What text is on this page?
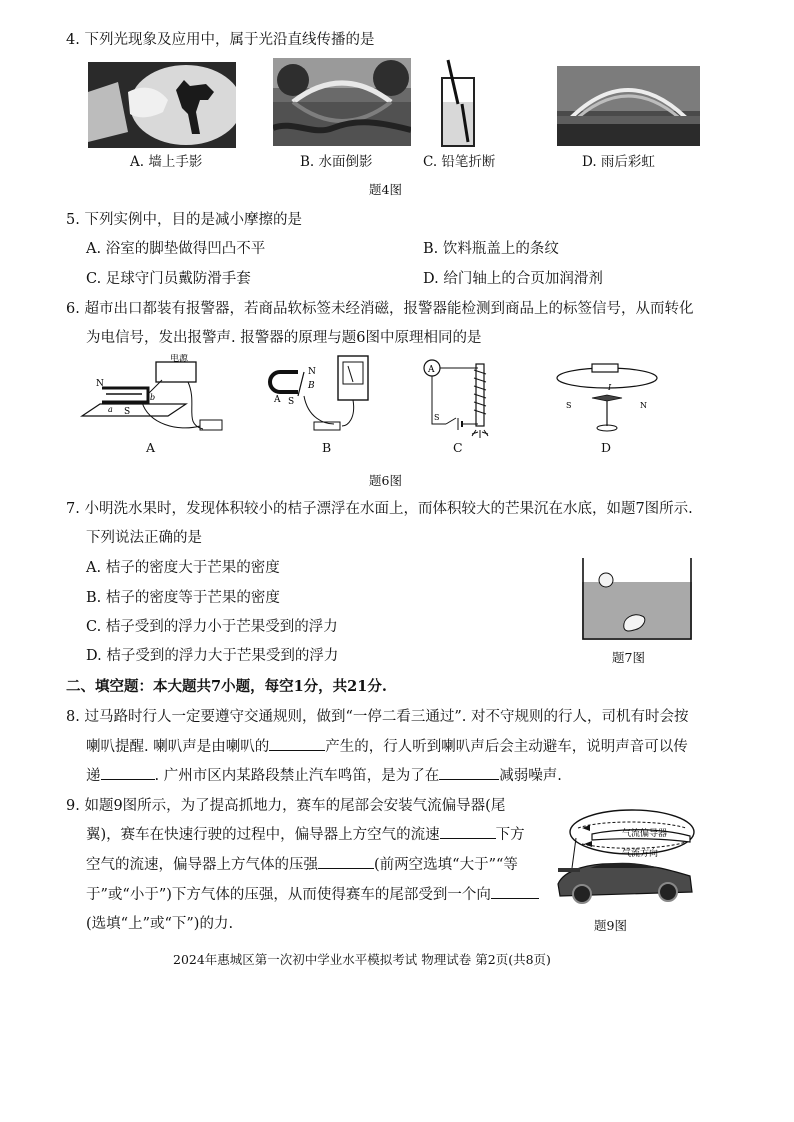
4. 下列光现象及应用中，属于光沿直线传播的是
A. 墙上手影	B. 水面倒影	C. 铅笔折断	D. 雨后彩虹
题4图
5. 下列实例中，目的是减小摩擦的是
A. 浴室的脚垫做得凹凸不平	B. 饮料瓶盖上的条纹
C. 足球守门员戴防滑手套	D. 给门轴上的合页加润滑剂
6. 超市出口都装有报警器，若商品软标签未经消磁，报警器能检测到商品上的标签信号，从而转化
为电信号，发出报警声. 报警器的原理与题6图中原理相同的是
电源
N
S
a
b
A
N
B
A S
B
A
S
C
I
S	N
D
题6图
7. 小明洗水果时，发现体积较小的桔子漂浮在水面上，而体积较大的芒果沉在水底，如题7图所示.
下列说法正确的是
A. 桔子的密度大于芒果的密度
B. 桔子的密度等于芒果的密度
C. 桔子受到的浮力小于芒果受到的浮力
D. 桔子受到的浮力大于芒果受到的浮力	题7图
二、填空题：本大题共7小题，每空1分，共21分.
8. 过马路时行人一定要遵守交通规则，做到“一停二看三通过”. 对不守规则的行人，司机有时会按
喇叭提醒. 喇叭声是由喇叭的	产生的，行人听到喇叭声后会主动避车，说明声音可以传
递	. 广州市区内某路段禁止汽车鸣笛，是为了在	减弱噪声.
9. 如题9图所示，为了提高抓地力，赛车的尾部会安装气流偏导器(尾
翼)，赛车在快速行驶的过程中，偏导器上方空气的流速	下方
空气的流速，偏导器上方气体的压强	(前两空选填“大于”“等
于”或“小于”)下方气体的压强，从而使得赛车的尾部受到一个向
(选填“上”或“下”)的力.
气流偏导器
气流方向
题9图
2024年惠城区第一次初中学业水平模拟考试 物理试卷 第2页(共8页)
